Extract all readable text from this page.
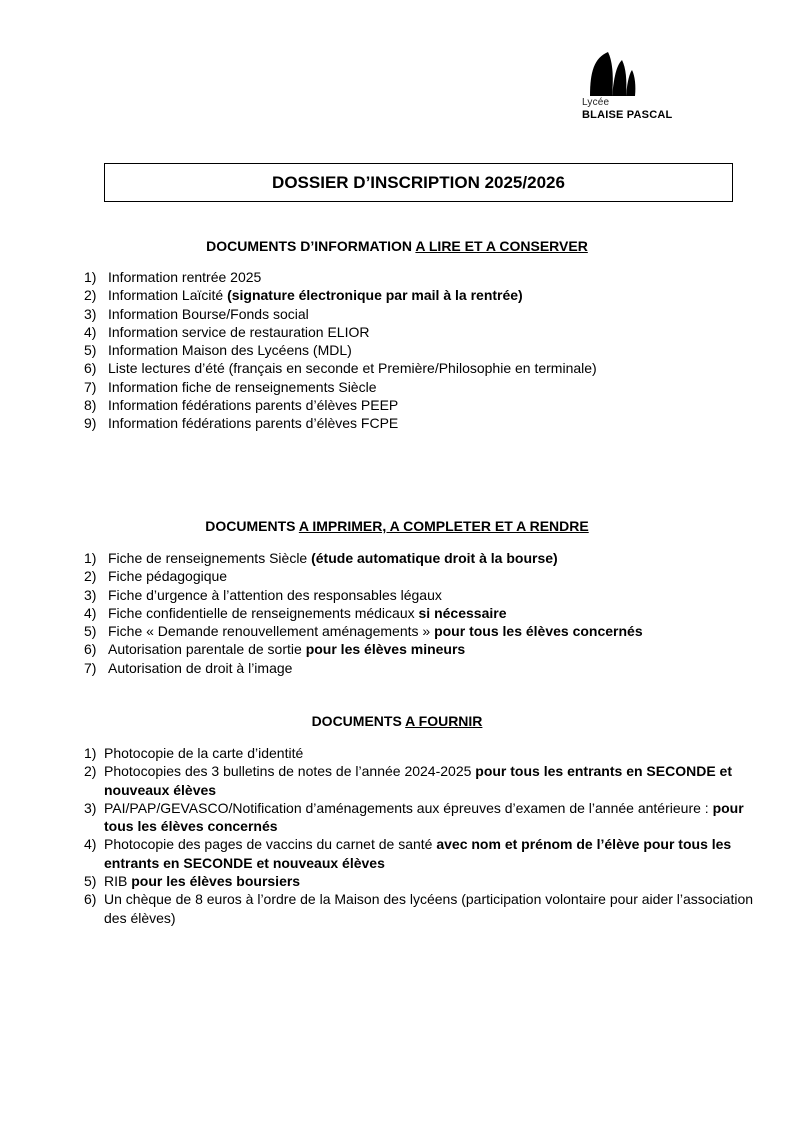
Lycée
BLAISE PASCAL
DOSSIER D’INSCRIPTION 2025/2026
DOCUMENTS D’INFORMATION A LIRE ET A CONSERVER
1) Information rentrée 2025
2) Information Laïcité (signature électronique par mail à la rentrée)
3) Information Bourse/Fonds social
4) Information service de restauration ELIOR
5) Information Maison des Lycéens (MDL)
6) Liste lectures d’été (français en seconde et Première/Philosophie en terminale)
7) Information fiche de renseignements Siècle
8) Information fédérations parents d’élèves PEEP
9) Information fédérations parents d’élèves FCPE
DOCUMENTS A IMPRIMER, A COMPLETER ET A RENDRE
1) Fiche de renseignements Siècle (étude automatique droit à la bourse)
2) Fiche pédagogique
3) Fiche d’urgence à l’attention des responsables légaux
4) Fiche confidentielle de renseignements médicaux si nécessaire
5) Fiche « Demande renouvellement aménagements » pour tous les élèves concernés
6) Autorisation parentale de sortie pour les élèves mineurs
7) Autorisation de droit à l’image
DOCUMENTS A FOURNIR
1) Photocopie de la carte d’identité
2) Photocopies des 3 bulletins de notes de l’année 2024-2025 pour tous les entrants en SECONDE et nouveaux élèves
3) PAI/PAP/GEVASCO/Notification d’aménagements aux épreuves d’examen de l’année antérieure : pour tous les élèves concernés
4) Photocopie des pages de vaccins du carnet de santé avec nom et prénom de l’élève pour tous les entrants en SECONDE et nouveaux élèves
5) RIB pour les élèves boursiers
6) Un chèque de 8 euros à l’ordre de la Maison des lycéens (participation volontaire pour aider l’association des élèves)
